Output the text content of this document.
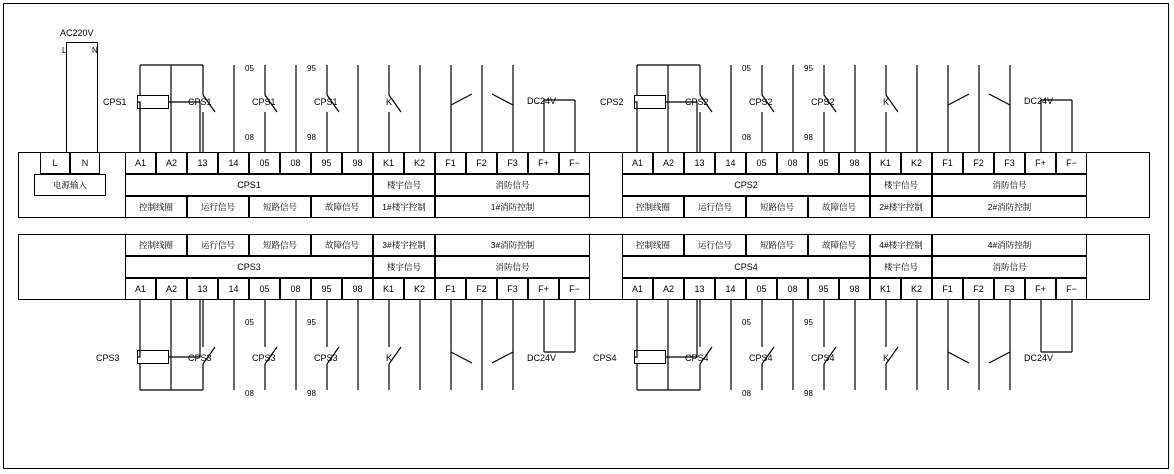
AC220V
L	N
L	N
电源输入
A1	A2	13	14	05	08	95	98	K1	K2	F1	F2	F3	F+	F−
CPS1	楼宇信号	消防信号
控制线圈	运行信号	短路信号	故障信号	1#楼宇控制	1#消防控制
A1	A2	13	14	05	08	95	98	K1	K2	F1	F2	F3	F+	F−
CPS2	楼宇信号	消防信号
控制线圈	运行信号	短路信号	故障信号	2#楼宇控制	2#消防控制
控制线圈	运行信号	短路信号	故障信号	3#楼宇控制	3#消防控制
CPS3	楼宇信号	消防信号
A1	A2	13	14	05	08	95	98	K1	K2	F1	F2	F3	F+	F−
控制线圈	运行信号	短路信号	故障信号	4#楼宇控制	4#消防控制
CPS4	楼宇信号	消防信号
A1	A2	13	14	05	08	95	98	K1	K2	F1	F2	F3	F+	F−
CPS1	CPS1	CPS1	CPS1	K
05
08
95
98
DC24V	CPS2	CPS2	CPS2	CPS2	K
05
08
95
98
DC24V
CPS3	CPS3	CPS3	CPS3	K
05
08
95
98
DC24V	CPS4	CPS4	CPS4	CPS4	K
05
08
95
98
DC24V
